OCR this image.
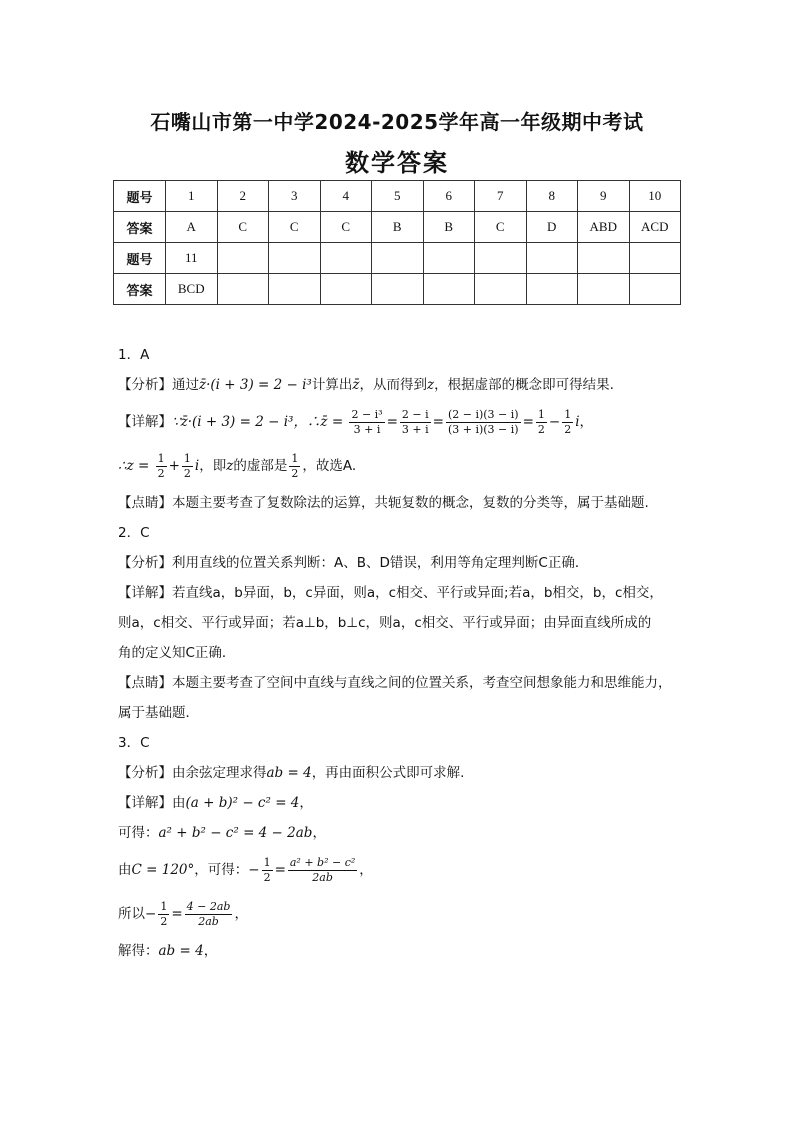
石嘴山市第一中学2024-2025学年高一年级期中考试
数学答案
题号	1	2	3	4	5	6	7	8	9	10
答案	A	C	C	C	B	B	C	D	ABD	ACD
题号	11									
答案	BCD									
1．A
【分析】通过z̄·(i + 3) = 2 − i³计算出z̄，从而得到z，根据虚部的概念即可得结果.
【详解】∵z̄·(i + 3) = 2 − i³，∴z̄ = $\frac{\text{2 − i³}}{3 + i} = \frac{2 - i}{3 + i} = \frac{(2 - i)(3 - i)}{(3 + i)(3 - i)} = \frac{1}{2} - \frac{1}{2}$ i，
∴z = $\frac{1}{2} + \frac{1}{2}$ i，即z的虚部是 $\frac{1}{2}$ ，故选A.
【点睛】本题主要考查了复数除法的运算，共轭复数的概念，复数的分类等，属于基础题.
2．C
【分析】利用直线的位置关系判断：A、B、D错误，利用等角定理判断C正确．
【详解】若直线a，b异面，b，c异面，则a，c相交、平行或异面;若a，b相交，b，c相交，
则a，c相交、平行或异面；若a⊥b，b⊥c，则a，c相交、平行或异面；由异面直线所成的
角的定义知C正确．
【点睛】本题主要考查了空间中直线与直线之间的位置关系，考查空间想象能力和思维能力，
属于基础题．
3．C
【分析】由余弦定理求得ab = 4，再由面积公式即可求解.
【详解】由(a + b)² − c² = 4，
可得：a² + b² − c² = 4 − 2ab，
由C = 120°，可得：− $\frac{1}{2} = \frac{\text{a² + b² − c²}}{2ab}$ ，
所以− $\frac{1}{2} = \frac{4 - 2ab}{2ab}$ ，
解得：ab = 4，
